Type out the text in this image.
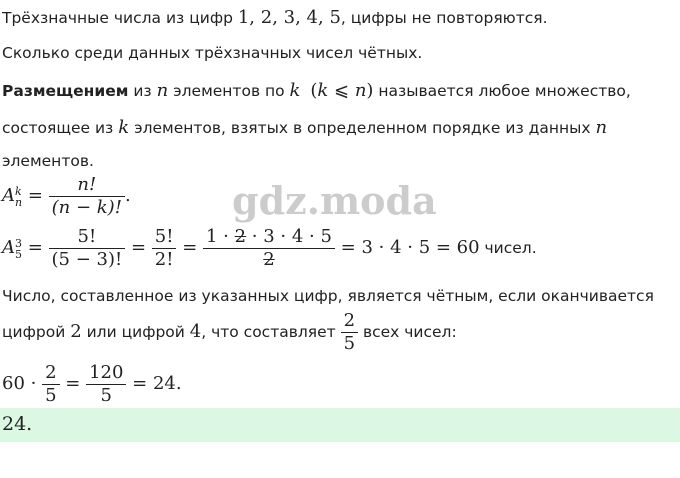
Трёхзначные числа из цифр 1, 2, 3, 4, 5, цифры не повторяются.
Сколько среди данных трёхзначных чисел чётных.
Размещением из n элементов по k (k ⩽ n) называется любое множество,
состоящее из k элементов, взятых в определенном порядке из данных n
элементов.
A k
$n = \frac{n!}{(n - k)!}$ .	gdz.moda
A 3
$5 = \frac{5!}{(5 - 3)!} = \frac{5!}{2!} = \frac{1 \cdot 2 \cdot 3 \cdot 4 \cdot 5}{2} = 3 \cdot 4 \cdot 5 = 60$ чисел.
Число, составленное из указанных цифр, является чётным, если оканчивается
цифрой 2 или цифрой 4, что составляет $\frac{2}{5}$ всех чисел:
$60 \cdot \frac{2}{5} = \frac{120}{5} = 24$.
24.
